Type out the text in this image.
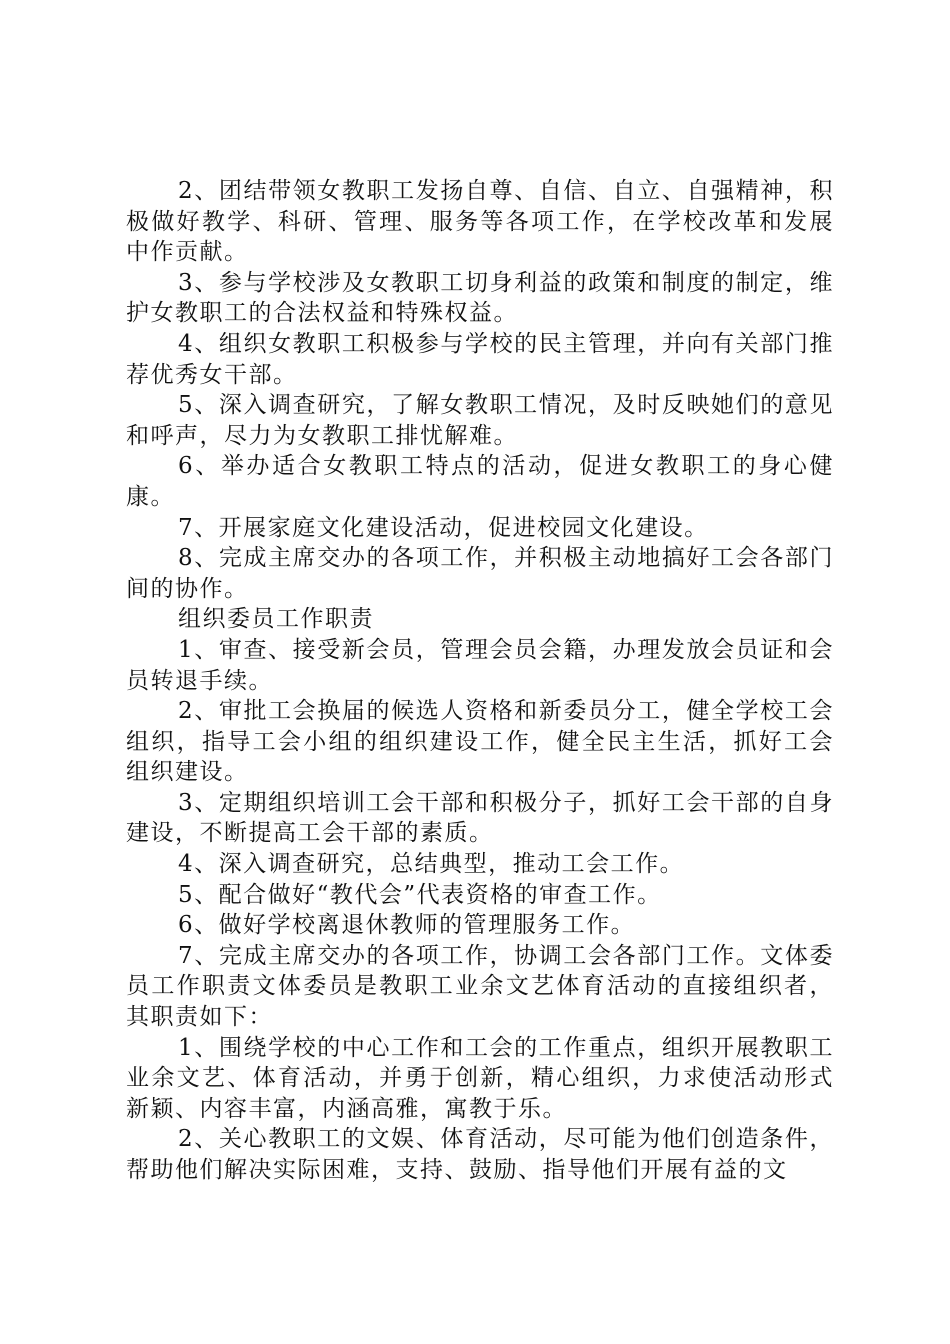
2、团结带领女教职工发扬自尊、自信、自立、自强精神，积极做好教学、科研、管理、服务等各项工作，在学校改革和发展中作贡献。

3、参与学校涉及女教职工切身利益的政策和制度的制定，维护女教职工的合法权益和特殊权益。

4、组织女教职工积极参与学校的民主管理，并向有关部门推荐优秀女干部。

5、深入调查研究，了解女教职工情况，及时反映她们的意见和呼声，尽力为女教职工排忧解难。

6、举办适合女教职工特点的活动，促进女教职工的身心健康。

7、开展家庭文化建设活动，促进校园文化建设。

8、完成主席交办的各项工作，并积极主动地搞好工会各部门间的协作。

组织委员工作职责

1、审查、接受新会员，管理会员会籍，办理发放会员证和会员转退手续。

2、审批工会换届的候选人资格和新委员分工，健全学校工会组织，指导工会小组的组织建设工作，健全民主生活，抓好工会组织建设。

3、定期组织培训工会干部和积极分子，抓好工会干部的自身建设，不断提高工会干部的素质。

4、深入调查研究，总结典型，推动工会工作。

5、配合做好“教代会”代表资格的审查工作。

6、做好学校离退休教师的管理服务工作。

7、完成主席交办的各项工作，协调工会各部门工作。文体委员工作职责文体委员是教职工业余文艺体育活动的直接组织者，其职责如下：

1、围绕学校的中心工作和工会的工作重点，组织开展教职工业余文艺、体育活动，并勇于创新，精心组织，力求使活动形式新颖、内容丰富，内涵高雅，寓教于乐。

2、关心教职工的文娱、体育活动，尽可能为他们创造条件，帮助他们解决实际困难，支持、鼓励、指导他们开展有益的文
